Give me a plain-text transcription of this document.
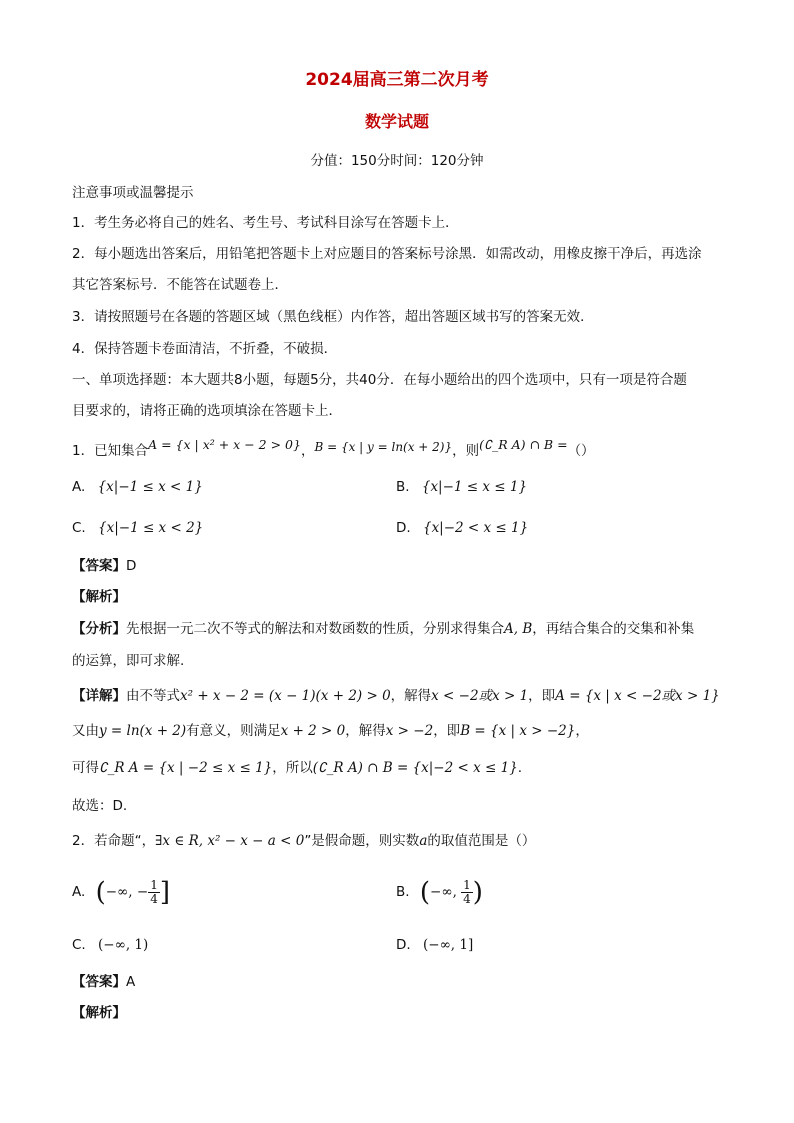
2024届高三第二次月考
数学试题
分值：150分时间：120分钟
注意事项或温馨提示
1．考生务必将自己的姓名、考生号、考试科目涂写在答题卡上．
2．每小题选出答案后，用铅笔把答题卡上对应题目的答案标号涂黑．如需改动，用橡皮擦干净后，再选涂
其它答案标号．不能答在试题卷上．
3．请按照题号在各题的答题区域（黑色线框）内作答，超出答题区域书写的答案无效．
4．保持答题卡卷面清洁，不折叠，不破损．
一、单项选择题：本大题共8小题，每题5分，共40分．在每小题给出的四个选项中，只有一项是符合题
目要求的，请将正确的选项填涂在答题卡上．
1．已知集合A = {x | x² + x − 2 > 0}，B = {x | y = ln(x + 2)}，则(∁_R A) ∩ B =（）
A. {x|−1 ≤ x < 1}	B. {x|−1 ≤ x ≤ 1}
C. {x|−1 ≤ x < 2}	D. {x|−2 < x ≤ 1}
【答案】D
【解析】
【分析】先根据一元二次不等式的解法和对数函数的性质，分别求得集合A, B，再结合集合的交集和补集
的运算，即可求解.
【详解】由不等式x² + x − 2 = (x − 1)(x + 2) > 0，解得x < −2或x > 1，即A = {x | x < −2或x > 1}
又由y = ln(x + 2)有意义，则满足x + 2 > 0，解得x > −2，即B = {x | x > −2}，
可得∁_R A = {x | −2 ≤ x ≤ 1}，所以(∁_R A) ∩ B = {x|−2 < x ≤ 1}.
故选：D.
2．若命题“，∃x ∈ R, x² − x − a < 0”是假命题，则实数a的取值范围是（）
A. (−∞, − $\frac{1}{4}$ ]	B. (−∞, $\frac{1}{4}$ )
C. (−∞, 1)	D. (−∞, 1]
【答案】A
【解析】
